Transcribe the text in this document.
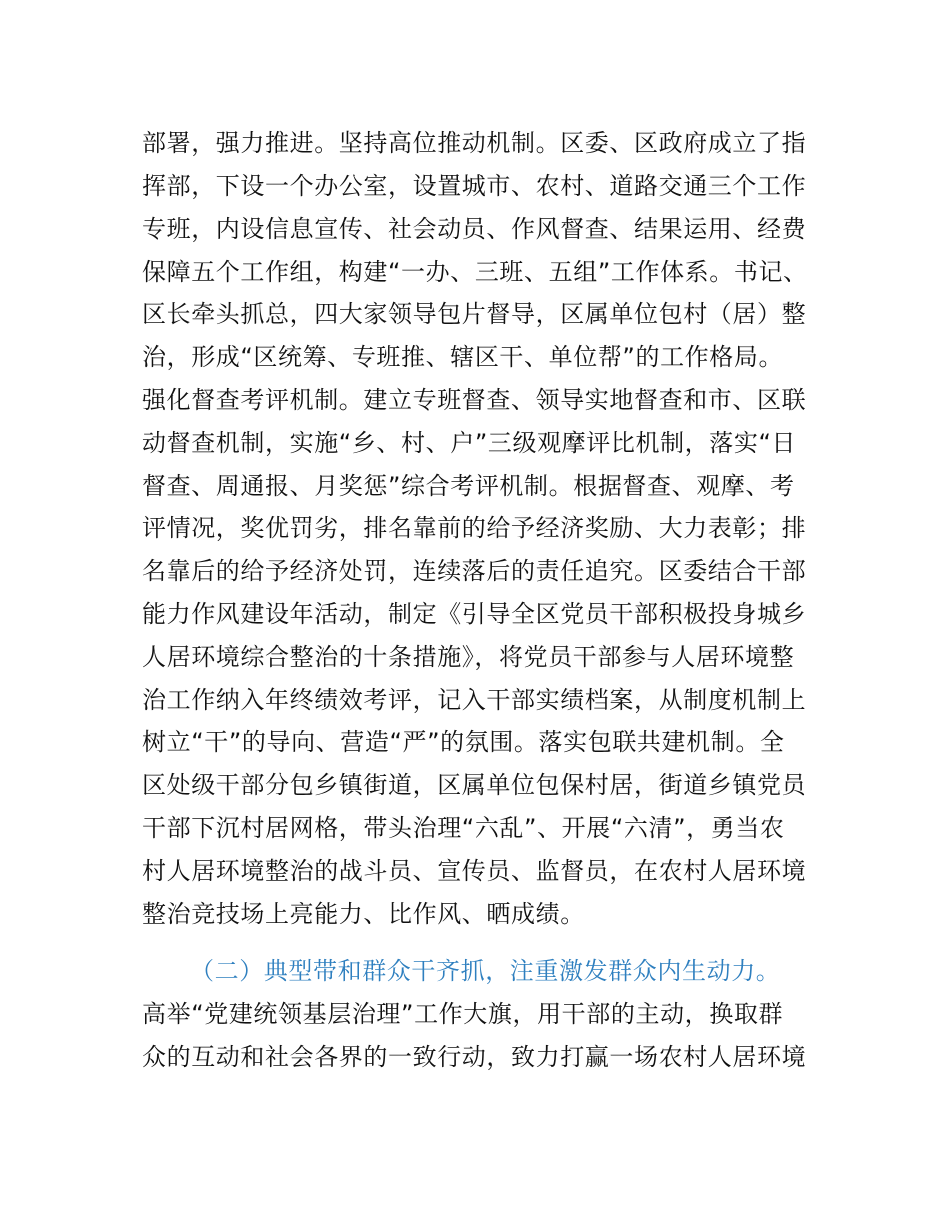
部署，强力推进。坚持高位推动机制。区委、区政府成立了指
挥部，下设一个办公室，设置城市、农村、道路交通三个工作
专班，内设信息宣传、社会动员、作风督查、结果运用、经费
保障五个工作组，构建“一办、三班、五组”工作体系。书记、
区长牵头抓总，四大家领导包片督导，区属单位包村（居）整
治，形成“区统筹、专班推、辖区干、单位帮”的工作格局。
强化督查考评机制。建立专班督查、领导实地督查和市、区联
动督查机制，实施“乡、村、户”三级观摩评比机制，落实“日
督查、周通报、月奖惩”综合考评机制。根据督查、观摩、考
评情况，奖优罚劣，排名靠前的给予经济奖励、大力表彰；排
名靠后的给予经济处罚，连续落后的责任追究。区委结合干部
能力作风建设年活动，制定《引导全区党员干部积极投身城乡
人居环境综合整治的十条措施》，将党员干部参与人居环境整
治工作纳入年终绩效考评，记入干部实绩档案，从制度机制上
树立“干”的导向、营造“严”的氛围。落实包联共建机制。全
区处级干部分包乡镇街道，区属单位包保村居，街道乡镇党员
干部下沉村居网格，带头治理“六乱”、开展“六清”，勇当农
村人居环境整治的战斗员、宣传员、监督员，在农村人居环境
整治竞技场上亮能力、比作风、晒成绩。
（二）典型带和群众干齐抓，注重激发群众内生动力。
高举“党建统领基层治理”工作大旗，用干部的主动，换取群
众的互动和社会各界的一致行动，致力打赢一场农村人居环境
